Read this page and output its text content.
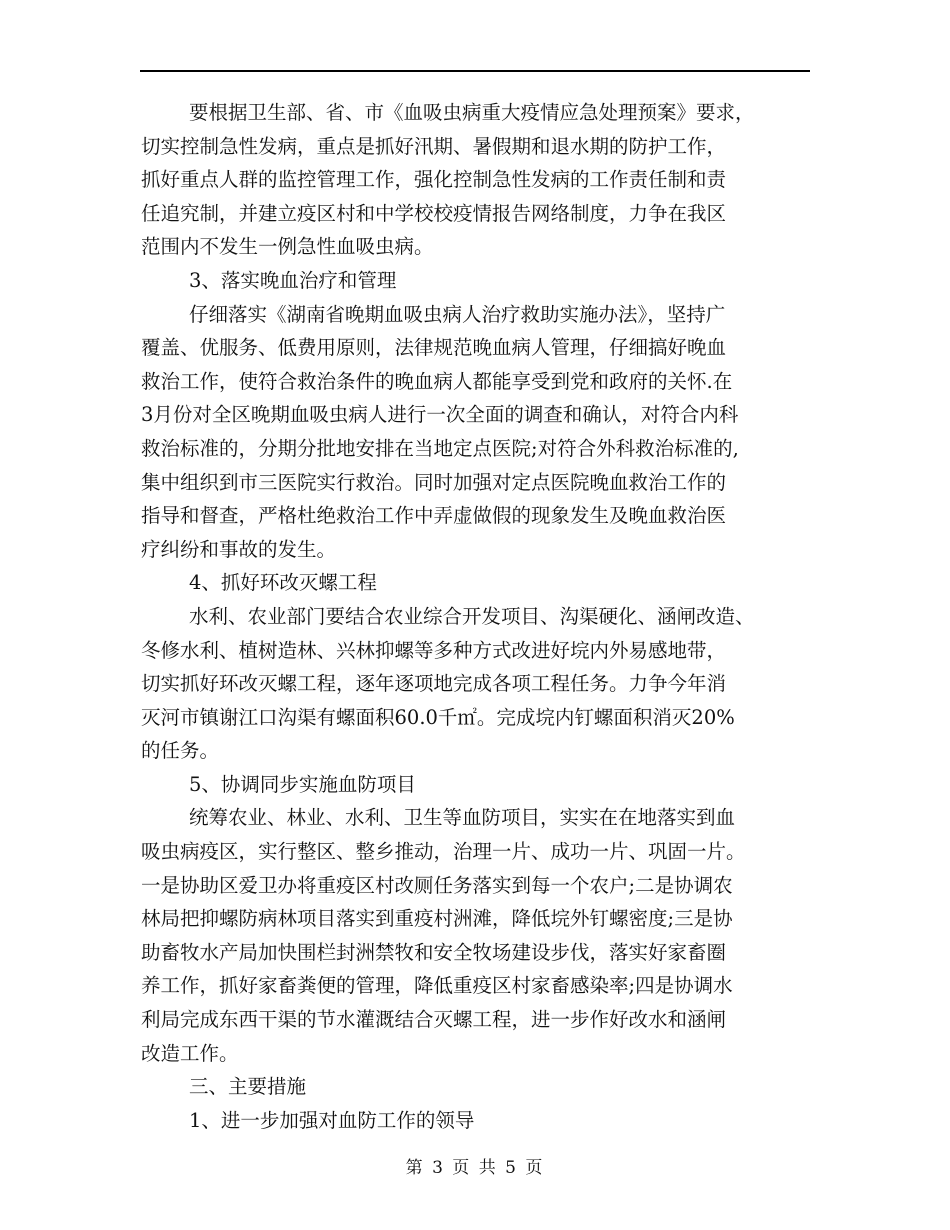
要根据卫生部、省、市《血吸虫病重大疫情应急处理预案》要求，
切实控制急性发病，重点是抓好汛期、暑假期和退水期的防护工作，
抓好重点人群的监控管理工作，强化控制急性发病的工作责任制和责
任追究制，并建立疫区村和中学校校疫情报告网络制度，力争在我区
范围内不发生一例急性血吸虫病。
3、落实晚血治疗和管理
仔细落实《湖南省晚期血吸虫病人治疗救助实施办法》，坚持广
覆盖、优服务、低费用原则，法律规范晚血病人管理，仔细搞好晚血
救治工作，使符合救治条件的晚血病人都能享受到党和政府的关怀.在
3月份对全区晚期血吸虫病人进行一次全面的调查和确认，对符合内科
救治标准的，分期分批地安排在当地定点医院;对符合外科救治标准的,
集中组织到市三医院实行救治。同时加强对定点医院晚血救治工作的
指导和督查，严格杜绝救治工作中弄虚做假的现象发生及晚血救治医
疗纠纷和事故的发生。
4、抓好环改灭螺工程
水利、农业部门要结合农业综合开发项目、沟渠硬化、涵闸改造、
冬修水利、植树造林、兴林抑螺等多种方式改进好垸内外易感地带，
切实抓好环改灭螺工程，逐年逐项地完成各项工程任务。力争今年消
灭河市镇谢江口沟渠有螺面积60.0千㎡。完成垸内钉螺面积消灭20%
的任务。
5、协调同步实施血防项目
统筹农业、林业、水利、卫生等血防项目，实实在在地落实到血
吸虫病疫区，实行整区、整乡推动，治理一片、成功一片、巩固一片。
一是协助区爱卫办将重疫区村改厕任务落实到每一个农户;二是协调农
林局把抑螺防病林项目落实到重疫村洲滩，降低垸外钉螺密度;三是协
助畜牧水产局加快围栏封洲禁牧和安全牧场建设步伐，落实好家畜圈
养工作，抓好家畜粪便的管理，降低重疫区村家畜感染率;四是协调水
利局完成东西干渠的节水灌溉结合灭螺工程，进一步作好改水和涵闸
改造工作。
三、主要措施
1、进一步加强对血防工作的领导
第 3 页 共 5 页
